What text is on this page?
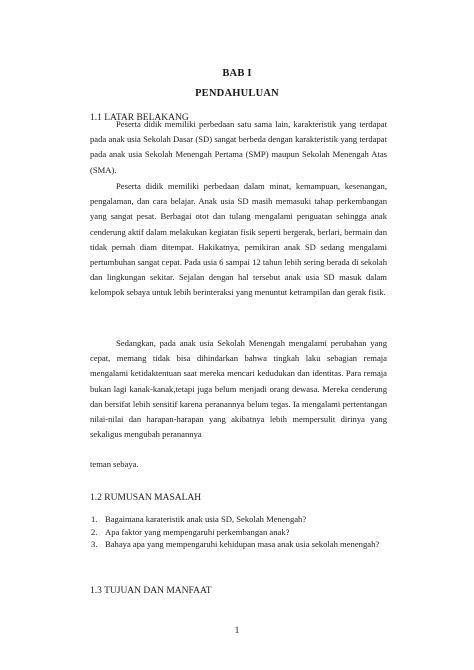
BAB I
PENDAHULUAN
1.1 LATAR BELAKANG

Peserta didik memiliki perbedaan satu sama lain, karakteristik yang terdapat pada anak usia Sekolah Dasar (SD) sangat berbeda dengan karakteristik yang terdapat pada anak usia Sekolah Menengah Pertama (SMP) maupun Sekolah Menengah Atas (SMA).

Peserta didik memiliki perbedaan dalam minat, kemampuan, kesenangan, pengalaman, dan cara belajar. Anak usia SD masih memasuki tahap perkembangan yang sangat pesat. Berbagai otot dan tulang mengalami penguatan sehingga anak cenderung aktif dalam melakukan kegiatan fisik seperti bergerak, berlari, bermain dan tidak pernah diam ditempat. Hakikatnya, pemikiran anak SD sedang mengalami pertumbuhan sangat cepat. Pada usia 6 sampai 12 tahun lebih sering berada di sekolah dan lingkungan sekitar. Sejalan dengan hal tersebut anak usia SD masuk dalam kelompok sebaya untuk lebih berinteraksi yang menuntut ketrampilan dan gerak fisik.

Sedangkan, pada anak usia Sekolah Menengah mengalami perubahan yang cepat, memang tidak bisa dihindarkan bahwa tingkah laku sebagian remaja mengalami ketidaktentuan saat mereka mencari kedudukan dan identitas. Para remaja bukan lagi kanak-kanak,tetapi juga belum menjadi orang dewasa. Mereka cenderung dan bersifat lebih sensitif karena peranannya belum tegas. Ia mengalami pertentangan nilai-nilai dan harapan-harapan yang akibatnya lebih mempersulit dirinya yang sekaligus mengubah peranannya

teman sebaya.

1.2 RUMUSAN MASALAH
1. Bagaimana karateristik anak usia SD, Sekolah Menengah?
2. Apa faktor yang mempengaruhi perkembangan anak?
3. Bahaya apa yang mempengaruhi kehidupan masa anak usia sekolah menengah?
1.3 TUJUAN DAN MANFAAT
1
